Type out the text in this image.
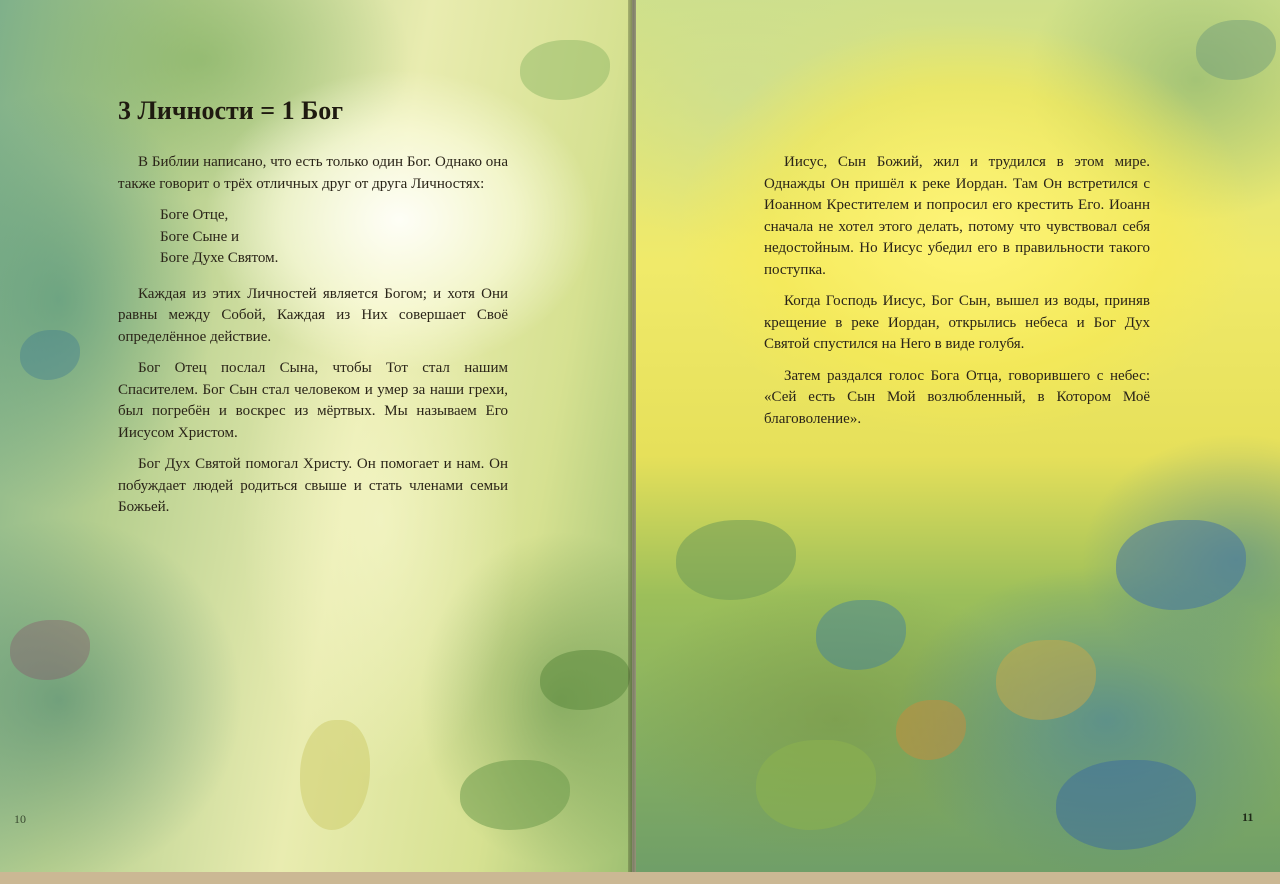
3 Личности = 1 Бог

В Библии написано, что есть только один Бог. Однако она также говорит о трёх отличных друг от друга Личностях:

Боге Отце,
Боге Сыне и
Боге Духе Святом.

Каждая из этих Личностей является Богом; и хотя Они равны между Собой, Каждая из Них совершает Своё определённое действие.

Бог Отец послал Сына, чтобы Тот стал нашим Спасителем. Бог Сын стал человеком и умер за наши грехи, был погребён и воскрес из мёртвых. Мы называем Его Иисусом Христом.

Бог Дух Святой помогал Христу. Он помогает и нам. Он побуждает людей родиться свыше и стать членами семьи Божьей.

10

Иисус, Сын Божий, жил и трудился в этом мире. Однажды Он пришёл к реке Иордан. Там Он встретился с Иоанном Крестителем и попросил его крестить Его. Иоанн сначала не хотел этого делать, потому что чувствовал себя недостойным. Но Иисус убедил его в правильности такого поступка.

Когда Господь Иисус, Бог Сын, вышел из воды, приняв крещение в реке Иордан, открылись небеса и Бог Дух Святой спустился на Него в виде голубя.

Затем раздался голос Бога Отца, говорившего с небес: «Сей есть Сын Мой возлюбленный, в Котором Моё благоволение».

11
